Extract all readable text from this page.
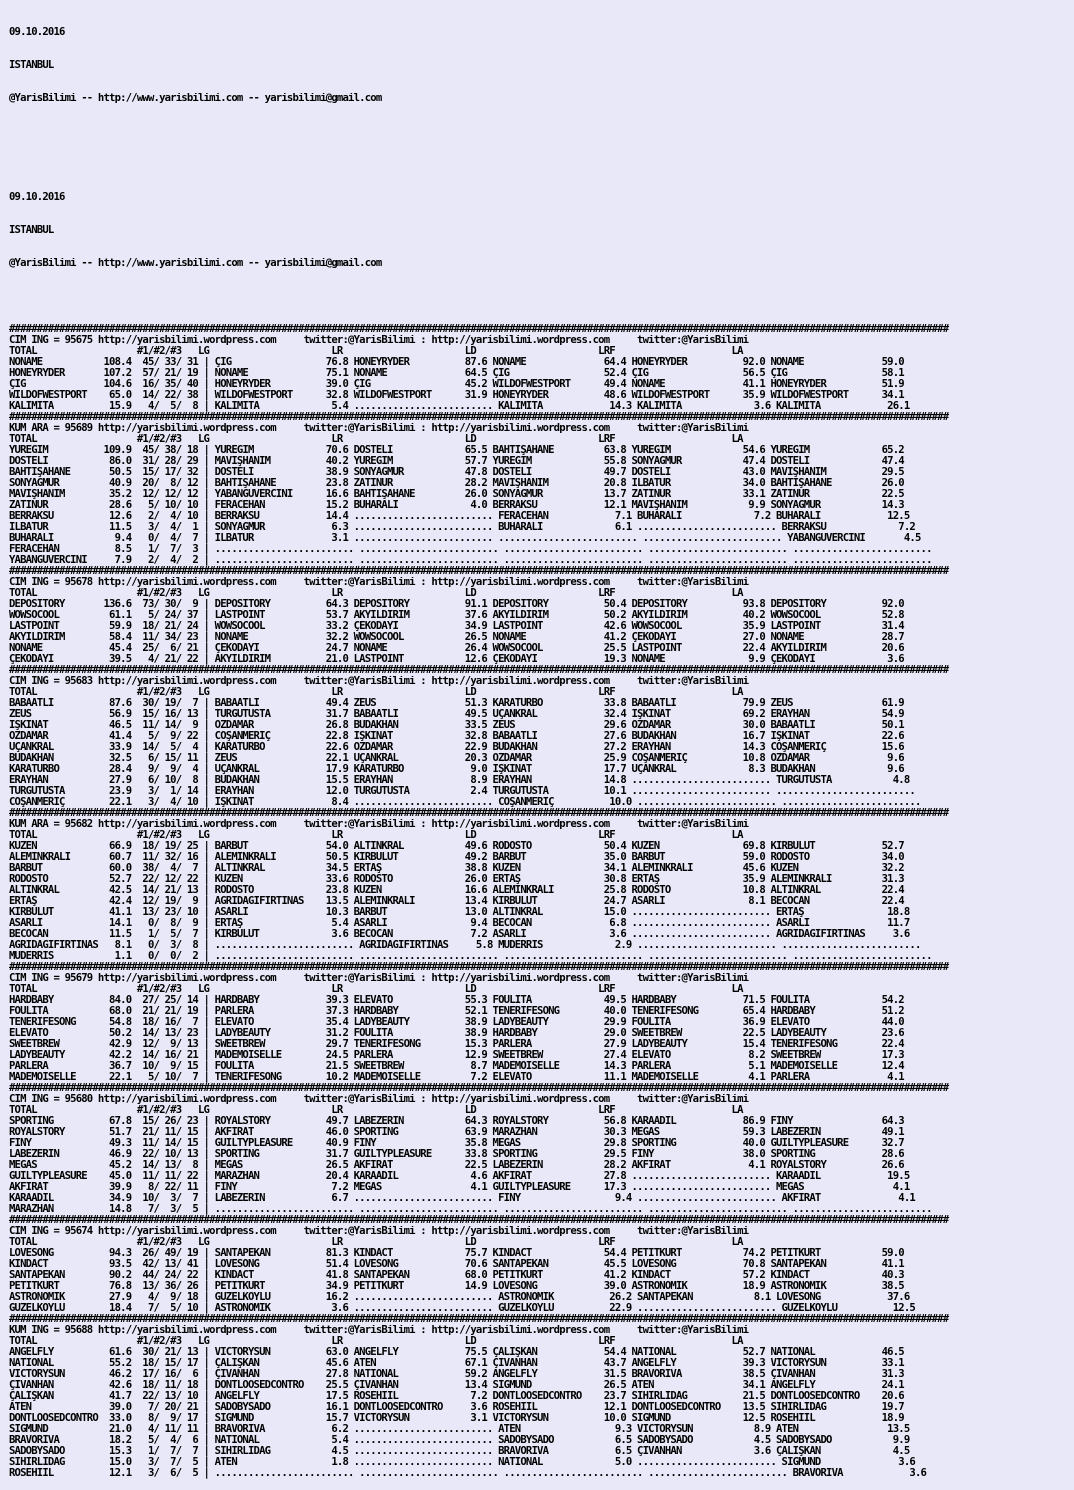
09.10.2016

ISTANBUL

@YarisBilimi -- http://www.yarisbilimi.com -- yarisbilimi@gmail.com

09.10.2016

ISTANBUL

@YarisBilimi -- http://www.yarisbilimi.com -- yarisbilimi@gmail.com

#########################################################################################################################################################################
CIM ING = 95675 http://yarisbilimi.wordpress.com     twitter:@YarisBilimi : http://yarisbilimi.wordpress.com     twitter:@YarisBilimi
TOTAL                  #1/#2/#3   LG                      LR                      LD                      LRF                     LA
NONAME           108.4  45/ 33/ 31 | ÇIG                 76.8 HONEYRYDER          87.6 NONAME              64.4 HONEYRYDER          92.0 NONAME              59.0
HONEYRYDER       107.2  57/ 21/ 19 | NONAME              75.1 NONAME              64.5 ÇIG                 52.4 ÇIG                 56.5 ÇIG                 58.1
ÇIG              104.6  16/ 35/ 40 | HONEYRYDER          39.0 ÇIG                 45.2 WILDOFWESTPORT      49.4 NONAME              41.1 HONEYRYDER          51.9
WILDOFWESTPORT    65.0  14/ 22/ 38 | WILDOFWESTPORT      32.8 WILDOFWESTPORT      31.9 HONEYRYDER          48.6 WILDOFWESTPORT      35.9 WILDOFWESTPORT      34.1
KALIMITA          15.9   4/  5/  8 | KALIMITA             5.4 ......................... KALIMITA            14.3 KALIMITA             3.6 KALIMITA            26.1
#########################################################################################################################################################################
KUM ARA = 95689 http://yarisbilimi.wordpress.com     twitter:@YarisBilimi : http://yarisbilimi.wordpress.com     twitter:@YarisBilimi
TOTAL                  #1/#2/#3   LG                      LR                      LD                      LRF                     LA
YUREĞİM          109.9  45/ 38/ 18 | YUREĞİM             70.6 DOSTELİ             65.5 BAHTIŞAHANE         63.8 YUREĞİM             54.6 YUREĞİM             65.2
DOSTELİ           86.0  31/ 28/ 29 | MAVİŞHANIM          40.2 YUREĞİM             57.7 YUREĞİM             55.8 SONYAGMUR           47.4 DOSTELİ             47.4
BAHTIŞAHANE       50.5  15/ 17/ 32 | DOSTELİ             38.9 SONYAGMUR           47.8 DOSTELİ             49.7 DOSTELİ             43.0 MAVİŞHANIM          29.5
SONYAGMUR         40.9  20/  8/ 12 | BAHTIŞAHANE         23.8 ZATİNUR             28.2 MAVİŞHANIM          20.8 İLBATUR             34.0 BAHTIŞAHANE         26.0
MAVİŞHANIM        35.2  12/ 12/ 12 | YABANGUVERCİNİ      16.6 BAHTIŞAHANE         26.0 SONYAGMUR           13.7 ZATİNUR             33.1 ZATİNUR             22.5
ZATİNUR           28.6   5/ 10/ 10 | FERACEHAN           15.2 BUHARALI             4.0 BERRAKSU            12.1 MAVİŞHANIM           9.9 SONYAGMUR           14.3
BERRAKSU          12.6   2/  4/ 10 | BERRAKSU            14.4 ......................... FERACEHAN            7.1 BUHARALI             7.2 BUHARALI            12.5
İLBATUR           11.5   3/  4/  1 | SONYAGMUR            6.3 ......................... BUHARALI             6.1 ......................... BERRAKSU             7.2
BUHARALI           9.4   0/  4/  7 | İLBATUR              3.1 ......................... ......................... ......................... YABANGUVERCİNİ       4.5
FERACEHAN          8.5   1/  7/  3 | ......................... ......................... ......................... ......................... .........................
YABANGUVERCİNİ     7.9   2/  4/  2 | ......................... ......................... ......................... ......................... .........................
#########################################################################################################################################################################
CIM ING = 95678 http://yarisbilimi.wordpress.com     twitter:@YarisBilimi : http://yarisbilimi.wordpress.com     twitter:@YarisBilimi
TOTAL                  #1/#2/#3   LG                      LR                      LD                      LRF                     LA
DEPOSITORY       136.6  73/ 30/  9 | DEPOSITORY          64.3 DEPOSITORY          91.1 DEPOSITORY          50.4 DEPOSITORY          93.8 DEPOSITORY          92.0
WOWSOCOOL         61.1   5/ 24/ 37 | LASTPOINT           53.7 AKYILDIRIM          37.6 AKYILDIRIM          50.2 AKYILDIRIM          40.2 WOWSOCOOL           52.8
LASTPOINT         59.9  18/ 21/ 24 | WOWSOCOOL           33.2 ÇEKODAYI            34.9 LASTPOINT           42.6 WOWSOCOOL           35.9 LASTPOINT           31.4
AKYILDIRIM        58.4  11/ 34/ 23 | NONAME              32.2 WOWSOCOOL           26.5 NONAME              41.2 ÇEKODAYI            27.0 NONAME              28.7
NONAME            45.4  25/  6/ 21 | ÇEKODAYI            24.7 NONAME              26.4 WOWSOCOOL           25.5 LASTPOINT           22.4 AKYILDIRIM          20.6
ÇEKODAYI          39.5   4/ 21/ 22 | AKYILDIRIM          21.0 LASTPOINT           12.6 ÇEKODAYI            19.3 NONAME               9.9 ÇEKODAYI             3.6
#########################################################################################################################################################################
CIM ING = 95683 http://yarisbilimi.wordpress.com     twitter:@YarisBilimi : http://yarisbilimi.wordpress.com     twitter:@YarisBilimi
TOTAL                  #1/#2/#3   LG                      LR                      LD                      LRF                     LA
BABAATLI          87.6  30/ 19/  7 | BABAATLI            49.4 ZEUS                51.3 KARATURBO           33.8 BABAATLI            79.9 ZEUS                61.9
ZEUS              56.9  15/ 16/ 13 | TURGUTUSTA          31.7 BABAATLI            49.5 UÇANKRAL            32.4 IŞKINAT             69.2 ERAYHAN             54.9
IŞKINAT           46.5  11/ 14/  9 | ÖZDAMAR             26.8 BUDAKHAN            33.5 ZEUS                29.6 ÖZDAMAR             30.0 BABAATLI            50.1
ÖZDAMAR           41.4   5/  9/ 22 | COŞANMERİÇ          22.8 IŞKINAT             32.8 BABAATLI            27.6 BUDAKHAN            16.7 IŞKINAT             22.6
UÇANKRAL          33.9  14/  5/  4 | KARATURBO           22.6 ÖZDAMAR             22.9 BUDAKHAN            27.2 ERAYHAN             14.3 COŞANMERİÇ          15.6
BUDAKHAN          32.5   6/ 15/ 11 | ZEUS                22.1 UÇANKRAL            20.3 ÖZDAMAR             25.9 COŞANMERİÇ          10.8 ÖZDAMAR              9.6
KARATURBO         28.4   9/  9/  4 | UÇANKRAL            17.9 KARATURBO            9.0 IŞKINAT             17.7 UÇANKRAL             8.3 BUDAKHAN             9.6
ERAYHAN           27.9   6/ 10/  8 | BUDAKHAN            15.5 ERAYHAN              8.9 ERAYHAN             14.8 ......................... TURGUTUSTA           4.8
TURGUTUSTA        23.9   3/  1/ 14 | ERAYHAN             12.0 TURGUTUSTA           2.4 TURGUTUSTA          10.1 ......................... .........................
COŞANMERİÇ        22.1   3/  4/ 10 | IŞKINAT              8.4 ......................... COŞANMERİÇ          10.0 ......................... .........................
#########################################################################################################################################################################
KUM ARA = 95682 http://yarisbilimi.wordpress.com     twitter:@YarisBilimi : http://yarisbilimi.wordpress.com     twitter:@YarisBilimi
TOTAL                  #1/#2/#3   LG                      LR                      LD                      LRF                     LA
KUZEN             66.9  18/ 19/ 25 | BARBUT              54.0 ALTINKRAL           49.6 RODOSTO             50.4 KUZEN               69.8 KIRBULUT            52.7
ALEMİNKRALI       60.7  11/ 32/ 16 | ALEMİNKRALI         50.5 KIRBULUT            49.2 BARBUT              35.0 BARBUT              59.0 RODOSTO             34.0
BARBUT            60.0  38/  4/  7 | ALTINKRAL           34.5 ERTAŞ               38.8 KUZEN               34.1 ALEMİNKRALI         45.6 KUZEN               32.2
RODOSTO           52.7  22/ 12/ 22 | KUZEN               33.6 RODOSTO             26.0 ERTAŞ               30.8 ERTAŞ               35.9 ALEMİNKRALI         31.3
ALTINKRAL         42.5  14/ 21/ 13 | RODOSTO             23.8 KUZEN               16.6 ALEMİNKRALI         25.8 RODOSTO             10.8 ALTINKRAL           22.4
ERTAŞ             42.4  12/ 19/  9 | AGRIDAGIFIRTINAS    13.5 ALEMİNKRALI         13.4 KIRBULUT            24.7 ASARLI               8.1 BECOCAN             22.4
KIRBULUT          41.1  13/ 23/ 10 | ASARLI              10.3 BARBUT              13.0 ALTINKRAL           15.0 ......................... ERTAŞ               18.8
ASARLI            14.1   0/  8/  9 | ERTAŞ                5.4 ASARLI               9.4 BECOCAN              6.8 ......................... ASARLI              11.7
BECOCAN           11.5   1/  5/  7 | KIRBULUT             3.6 BECOCAN              7.2 ASARLI               3.6 ......................... AGRIDAĞIFIRTINAS     3.6
AGRIDAGIFIRTINAS   8.1   0/  3/  8 | ......................... AGRIDAGIFIRTINAS     5.8 MUDERRIS             2.9 ......................... .........................
MUDERRIS           1.1   0/  0/  2 | ......................... ......................... ......................... ......................... .........................
#########################################################################################################################################################################
CIM ING = 95679 http://yarisbilimi.wordpress.com     twitter:@YarisBilimi : http://yarisbilimi.wordpress.com     twitter:@YarisBilimi
TOTAL                  #1/#2/#3   LG                      LR                      LD                      LRF                     LA
HARDBABY          84.0  27/ 25/ 14 | HARDBABY            39.3 ELEVATO             55.3 FOULITA             49.5 HARDBABY            71.5 FOULITA             54.2
FOULITA           68.0  21/ 21/ 19 | PARLERA             37.3 HARDBABY            52.1 TENERIFESONG        40.0 TENERIFESONG        65.4 HARDBABY            51.2
TENERIFESONG      54.8  18/ 16/  7 | ELEVATO             35.4 LADYBEAUTY          38.9 LADYBEAUTY          29.9 FOULITA             36.9 ELEVATO             44.0
ELEVATO           50.2  14/ 13/ 23 | LADYBEAUTY          31.2 FOULITA             38.9 HARDBABY            29.0 SWEETBREW           22.5 LADYBEAUTY          23.6
SWEETBREW         42.9  12/  9/ 13 | SWEETBREW           29.7 TENERIFESONG        15.3 PARLERA             27.9 LADYBEAUTY          15.4 TENERIFESONG        22.4
LADYBEAUTY        42.2  14/ 16/ 21 | MADEMOISELLE        24.5 PARLERA             12.9 SWEETBREW           27.4 ELEVATO              8.2 SWEETBREW           17.3
PARLERA           36.7  10/  9/ 15 | FOULITA             21.5 SWEETBREW            8.7 MADEMOISELLE        14.3 PARLERA              5.1 MADEMOISELLE        12.4
MADEMOISELLE      22.1   5/ 10/  7 | TENERIFESONG        10.2 MADEMOISELLE         7.2 ELEVATO             11.1 MADEMOISELLE         4.1 PARLERA              4.1
#########################################################################################################################################################################
CIM ING = 95680 http://yarisbilimi.wordpress.com     twitter:@YarisBilimi : http://yarisbilimi.wordpress.com     twitter:@YarisBilimi
TOTAL                  #1/#2/#3   LG                      LR                      LD                      LRF                     LA
SPORTING          67.8  15/ 26/ 23 | ROYALSTORY          49.7 LABEZERIN           64.3 ROYALSTORY          56.8 KARAADİL            86.9 FINY                64.3
ROYALSTORY        51.7  21/ 11/ 15 | AKFIRAT             46.0 SPORTING            63.9 MARAZHAN            30.3 MEGAS               59.3 LABEZERIN           49.1
FINY              49.3  11/ 14/ 15 | GUILTYPLEASURE      40.9 FINY                35.8 MEGAS               29.8 SPORTING            40.0 GUILTYPLEASURE      32.7
LABEZERIN         46.9  22/ 10/ 13 | SPORTING            31.7 GUILTYPLEASURE      33.8 SPORTING            29.5 FINY                38.0 SPORTING            28.6
MEGAS             45.2  14/ 13/  8 | MEGAS               26.5 AKFIRAT             22.5 LABEZERIN           28.2 AKFIRAT              4.1 ROYALSTORY          26.6
GUILTYPLEASURE    45.0  11/ 11/ 22 | MARAZHAN            20.4 KARAADİL             4.6 AKFIRAT             27.8 ......................... KARAADİL            19.5
AKFIRAT           39.9   8/ 22/ 11 | FINY                 7.2 MEGAS                4.1 GUILTYPLEASURE      17.3 ......................... MEGAS                4.1
KARAADİL          34.9  10/  3/  7 | LABEZERIN            6.7 ......................... FINY                 9.4 ......................... AKFIRAT              4.1
MARAZHAN          14.8   7/  3/  5 | ......................... ......................... ......................... ......................... .........................
#########################################################################################################################################################################
CIM ING = 95674 http://yarisbilimi.wordpress.com     twitter:@YarisBilimi : http://yarisbilimi.wordpress.com     twitter:@YarisBilimi
TOTAL                  #1/#2/#3   LG                      LR                      LD                      LRF                     LA
LOVESONG          94.3  26/ 49/ 19 | SANTAPEKAN          81.3 KINDACT             75.7 KINDACT             54.4 PETITKURT           74.2 PETITKURT           59.0
KINDACT           93.5  42/ 13/ 41 | LOVESONG            51.4 LOVESONG            70.6 SANTAPEKAN          45.5 LOVESONG            70.8 SANTAPEKAN          41.1
SANTAPEKAN        90.2  44/ 24/ 22 | KINDACT             41.8 SANTAPEKAN          68.0 PETITKURT           41.2 KINDACT             57.2 KINDACT             40.3
PETITKURT         76.8  13/ 36/ 26 | PETITKURT           34.9 PETITKURT           14.9 LOVESONG            39.0 ASTRONOMİK          18.9 ASTRONOMİK          38.5
ASTRONOMİK        27.9   4/  9/ 18 | GUZELKOYLU          16.2 ......................... ASTRONOMİK          26.2 SANTAPEKAN           8.1 LOVESONG            37.6
GUZELKOYLU        18.4   7/  5/ 10 | ASTRONOMİK           3.6 ......................... GUZELKOYLU          22.9 ......................... GUZELKOYLU          12.5
#########################################################################################################################################################################
KUM ING = 95688 http://yarisbilimi.wordpress.com     twitter:@YarisBilimi : http://yarisbilimi.wordpress.com     twitter:@YarisBilimi
TOTAL                  #1/#2/#3   LG                      LR                      LD                      LRF                     LA
ANGELFLY          61.6  30/ 21/ 13 | VICTORYSUN          63.0 ANGELFLY            75.5 ÇALIŞKAN            54.4 NATIONAL            52.7 NATIONAL            46.5
NATIONAL          55.2  18/ 15/ 17 | ÇALIŞKAN            45.6 ATEN                67.1 ÇIVANHAN            43.7 ANGELFLY            39.3 VICTORYSUN          33.1
VICTORYSUN        46.2  17/ 16/  6 | ÇIVANHAN            27.8 NATIONAL            59.2 ANGELFLY            31.5 BRAVORIVA           38.5 ÇIVANHAN            31.3
ÇIVANHAN          42.6  18/ 11/ 18 | DONTLOOSEDCONTRO    25.5 ÇIVANHAN            13.4 SIGMUND             26.5 ATEN                34.1 ANGELFLY            24.1
ÇALIŞKAN          41.7  22/ 13/ 10 | ANGELFLY            17.5 ROSEHIIL             7.2 DONTLOOSEDCONTRO    23.7 SIHIRLIDAĞ          21.5 DONTLOOSEDCONTRO    20.6
ATEN              39.0   7/ 20/ 21 | SADOBYSADO          16.1 DONTLOOSEDCONTRO     3.6 ROSEHIIL            12.1 DONTLOOSEDCONTRO    13.5 SIHIRLIDAĞ          19.7
DONTLOOSEDCONTRO  33.0   8/  9/ 17 | SIGMUND             15.7 VICTORYSUN           3.1 VICTORYSUN          10.0 SIGMUND             12.5 ROSEHIIL            18.9
SIGMUND           21.0   4/ 11/ 11 | BRAVORIVA            6.2 ......................... ATEN                 9.3 VICTORYSUN           8.9 ATEN                13.5
BRAVORIVA         18.2   5/  4/  6 | NATIONAL             5.4 ......................... SADOBYSADO           6.5 SADOBYSADO           4.5 SADOBYSADO           9.9
SADOBYSADO        15.3   1/  7/  7 | SIHIRLIDAĞ           4.5 ......................... BRAVORIVA            6.5 ÇIVANHAN             3.6 ÇALIŞKAN             4.5
SIHIRLIDAĞ        15.0   3/  7/  5 | ATEN                 1.8 ......................... NATIONAL             5.0 ......................... SIGMUND              3.6
ROSEHIIL          12.1   3/  6/  5 | ......................... ......................... ......................... ......................... BRAVORIVA            3.6
